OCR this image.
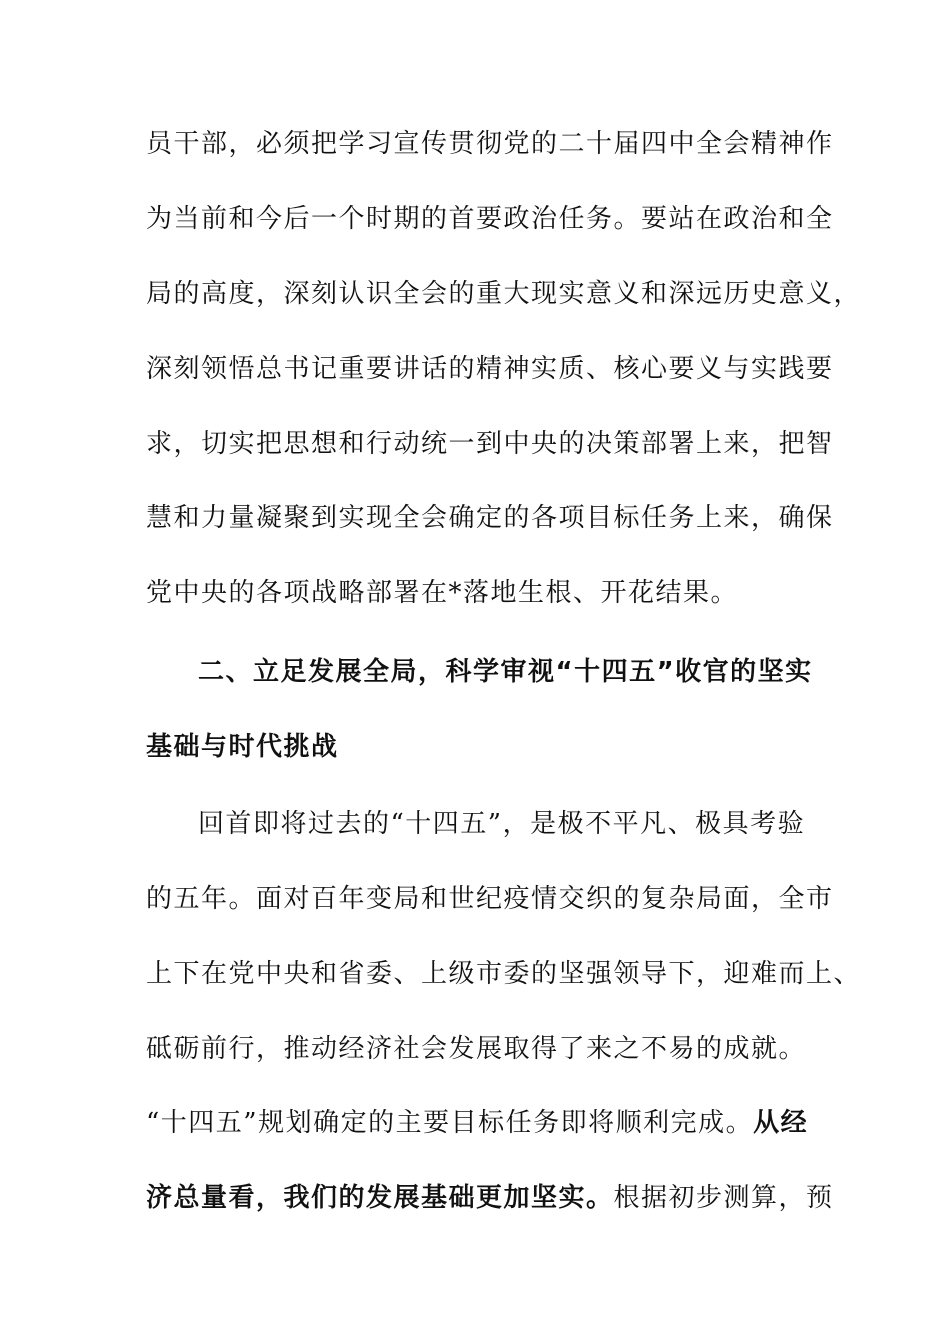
员干部，必须把学习宣传贯彻党的二十届四中全会精神作
为当前和今后一个时期的首要政治任务。要站在政治和全
局的高度，深刻认识全会的重大现实意义和深远历史意义，
深刻领悟总书记重要讲话的精神实质、核心要义与实践要
求，切实把思想和行动统一到中央的决策部署上来，把智
慧和力量凝聚到实现全会确定的各项目标任务上来，确保
党中央的各项战略部署在*落地生根、开花结果。
二、立足发展全局，科学审视“十四五”收官的坚实
基础与时代挑战
回首即将过去的“十四五”，是极不平凡、极具考验
的五年。面对百年变局和世纪疫情交织的复杂局面，全市
上下在党中央和省委、上级市委的坚强领导下，迎难而上、
砥砺前行，推动经济社会发展取得了来之不易的成就。
“十四五”规划确定的主要目标任务即将顺利完成。从经
济总量看，我们的发展基础更加坚实。根据初步测算，预
